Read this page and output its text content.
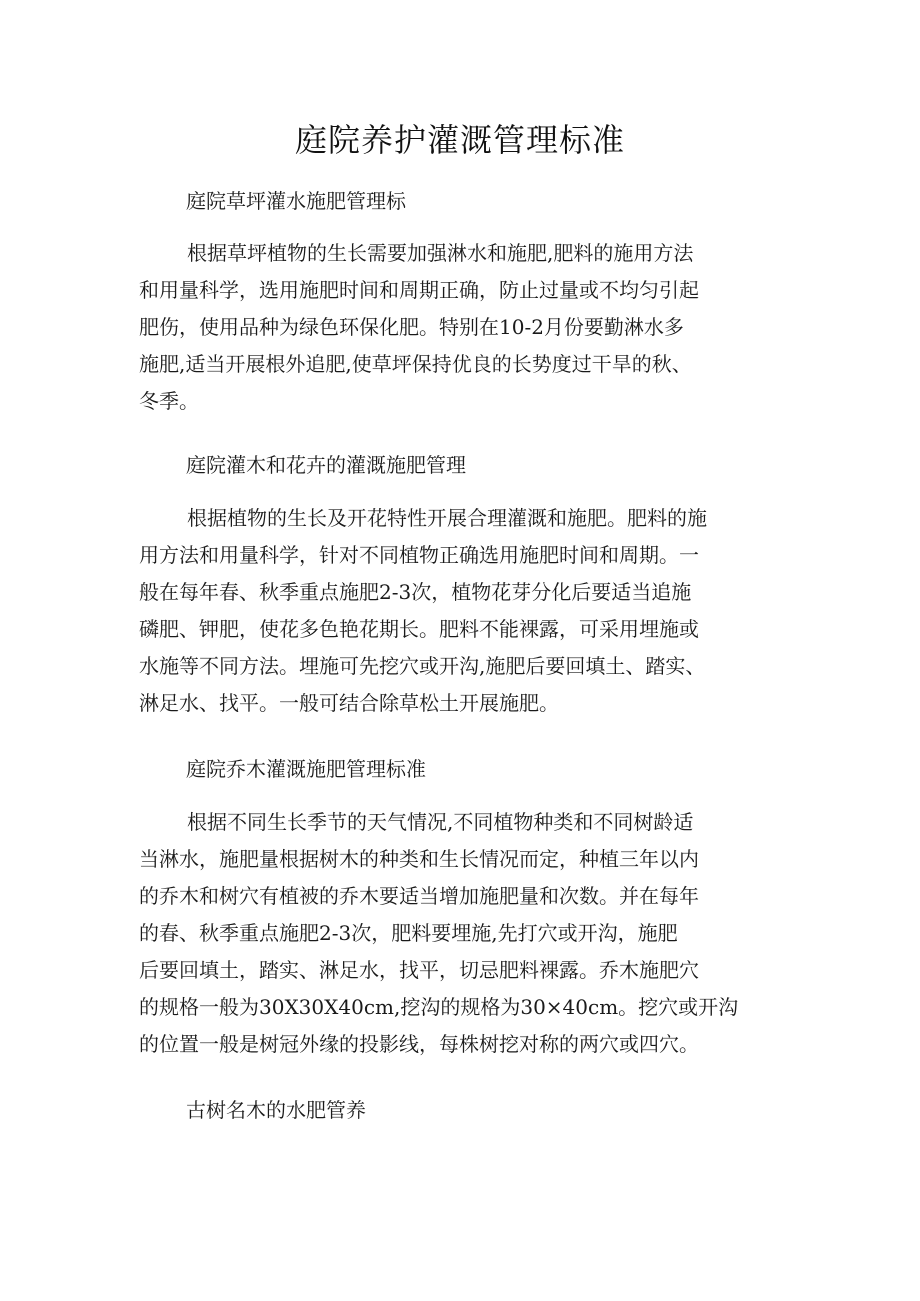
庭院养护灌溉管理标准
庭院草坪灌水施肥管理标
根据草坪植物的生长需要加强淋水和施肥,肥料的施用方法
和用量科学，选用施肥时间和周期正确，防止过量或不均匀引起
肥伤，使用品种为绿色环保化肥。特别在10-2月份要勤淋水多
施肥,适当开展根外追肥,使草坪保持优良的长势度过干旱的秋、
冬季。
庭院灌木和花卉的灌溉施肥管理
根据植物的生长及开花特性开展合理灌溉和施肥。肥料的施
用方法和用量科学，针对不同植物正确选用施肥时间和周期。一
般在每年春、秋季重点施肥2-3次，植物花芽分化后要适当追施
磷肥、钾肥，使花多色艳花期长。肥料不能裸露，可采用埋施或
水施等不同方法。埋施可先挖穴或开沟,施肥后要回填土、踏实、
淋足水、找平。一般可结合除草松土开展施肥。
庭院乔木灌溉施肥管理标准
根据不同生长季节的天气情况,不同植物种类和不同树龄适
当淋水，施肥量根据树木的种类和生长情况而定，种植三年以内
的乔木和树穴有植被的乔木要适当增加施肥量和次数。并在每年
的春、秋季重点施肥2-3次，肥料要埋施,先打穴或开沟，施肥
后要回填土，踏实、淋足水，找平，切忌肥料裸露。乔木施肥穴
的规格一般为30X30X40cm,挖沟的规格为30×40cm。挖穴或开沟
的位置一般是树冠外缘的投影线，每株树挖对称的两穴或四穴。
古树名木的水肥管养
